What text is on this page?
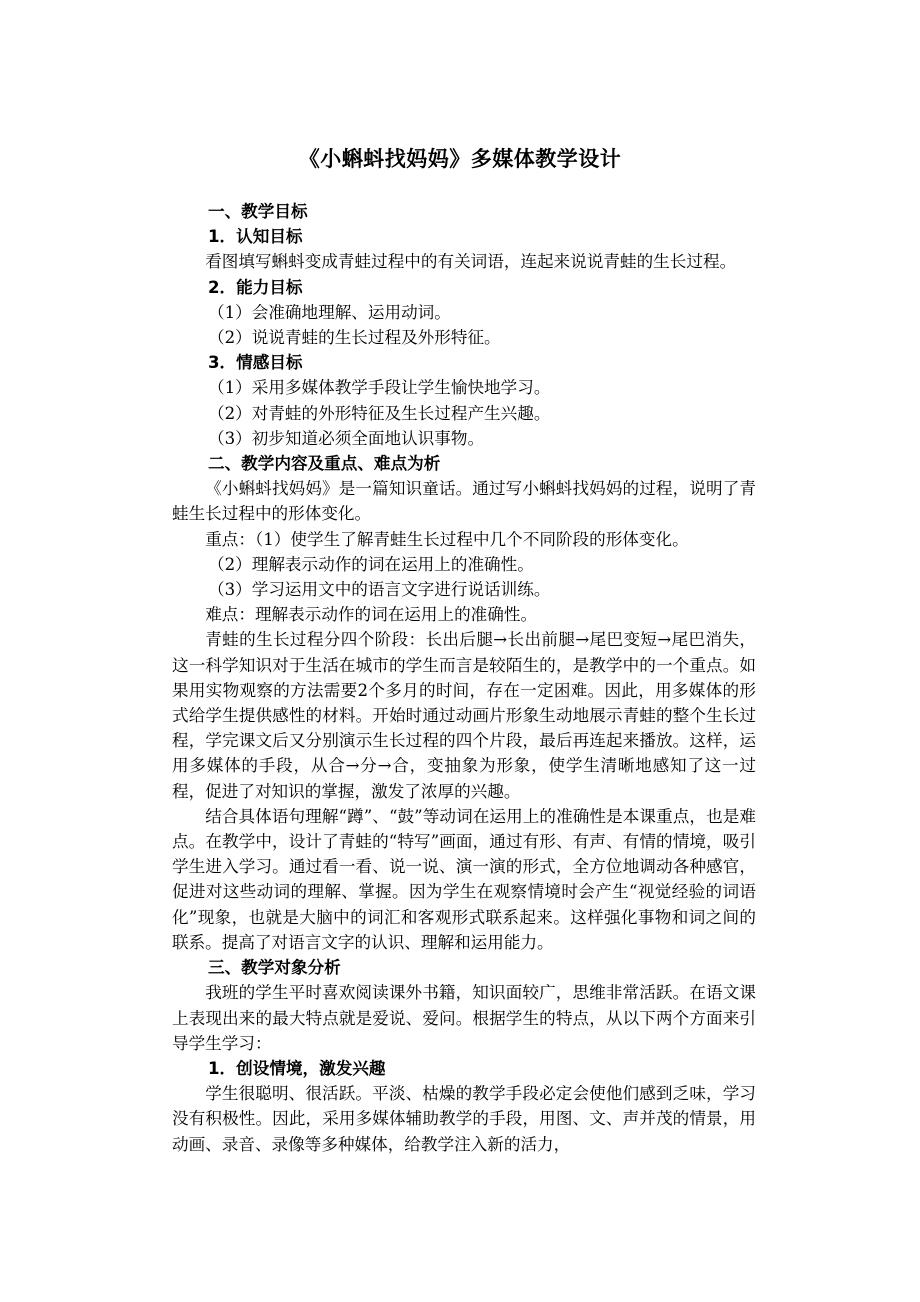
《小蝌蚪找妈妈》多媒体教学设计

一、教学目标

1．认知目标

看图填写蝌蚪变成青蛙过程中的有关词语，连起来说说青蛙的生长过程。

2．能力目标

（1）会准确地理解、运用动词。

（2）说说青蛙的生长过程及外形特征。

3．情感目标

（1）采用多媒体教学手段让学生愉快地学习。

（2）对青蛙的外形特征及生长过程产生兴趣。

（3）初步知道必须全面地认识事物。

二、教学内容及重点、难点为析

《小蝌蚪找妈妈》是一篇知识童话。通过写小蝌蚪找妈妈的过程，说明了青蛙生长过程中的形体变化。

重点：（1）使学生了解青蛙生长过程中几个不同阶段的形体变化。

（2）理解表示动作的词在运用上的准确性。

（3）学习运用文中的语言文字进行说话训练。

难点：理解表示动作的词在运用上的准确性。

青蛙的生长过程分四个阶段：长出后腿→长出前腿→尾巴变短→尾巴消失，这一科学知识对于生活在城市的学生而言是较陌生的，是教学中的一个重点。如果用实物观察的方法需要2个多月的时间，存在一定困难。因此，用多媒体的形式给学生提供感性的材料。开始时通过动画片形象生动地展示青蛙的整个生长过程，学完课文后又分别演示生长过程的四个片段，最后再连起来播放。这样，运用多媒体的手段，从合→分→合，变抽象为形象，使学生清晰地感知了这一过程，促进了对知识的掌握，激发了浓厚的兴趣。

结合具体语句理解“蹲”、“鼓”等动词在运用上的准确性是本课重点，也是难点。在教学中，设计了青蛙的“特写”画面，通过有形、有声、有情的情境，吸引学生进入学习。通过看一看、说一说、演一演的形式，全方位地调动各种感官，促进对这些动词的理解、掌握。因为学生在观察情境时会产生“视觉经验的词语化”现象，也就是大脑中的词汇和客观形式联系起来。这样强化事物和词之间的联系。提高了对语言文字的认识、理解和运用能力。

三、教学对象分析

我班的学生平时喜欢阅读课外书籍，知识面较广，思维非常活跃。在语文课上表现出来的最大特点就是爱说、爱问。根据学生的特点，从以下两个方面来引导学生学习：

1．创设情境，激发兴趣

学生很聪明、很活跃。平淡、枯燥的教学手段必定会使他们感到乏味，学习没有积极性。因此，采用多媒体辅助教学的手段，用图、文、声并茂的情景，用动画、录音、录像等多种媒体，给教学注入新的活力，
